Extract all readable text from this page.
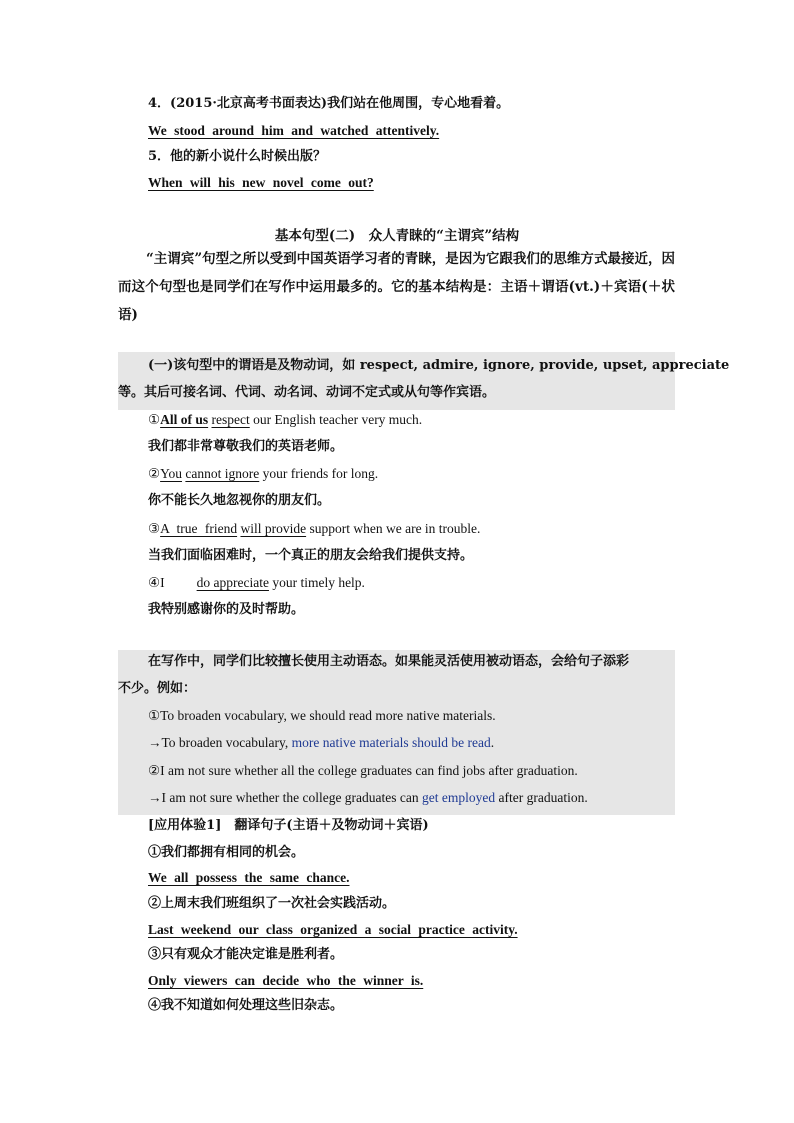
4．(2015·北京高考书面表达)我们站在他周围，专心地看着。
We stood around him and watched attentively.
5．他的新小说什么时候出版？
When will his new novel come out?
基本句型(二)　众人青睐的“主谓宾”结构
“主谓宾”句型之所以受到中国英语学习者的青睐，是因为它跟我们的思维方式最接近，因而这个句型也是同学们在写作中运用最多的。它的基本结构是：主语＋谓语(vt.)＋宾语(＋状语)
(一)该句型中的谓语是及物动词，如 respect, admire, ignore, provide, upset, appreciate
等。其后可接名词、代词、动名词、动词不定式或从句等作宾语。
①All of us respect our English teacher very much.
我们都非常尊敬我们的英语老师。
②You cannot ignore your friends for long.
你不能长久地忽视你的朋友们。
③A true friend will provide support when we are in trouble.
当我们面临困难时，一个真正的朋友会给我们提供支持。
④I do appreciate your timely help.
我特别感谢你的及时帮助。
在写作中，同学们比较擅长使用主动语态。如果能灵活使用被动语态，会给句子添彩
不少。例如：
①To broaden vocabulary, we should read more native materials.
→To broaden vocabulary, more native materials should be read.
②I am not sure whether all the college graduates can find jobs after graduation.
→I am not sure whether the college graduates can get employed after graduation.
[应用体验1]　翻译句子(主语＋及物动词＋宾语)
①我们都拥有相同的机会。
We all possess the same chance.
②上周末我们班组织了一次社会实践活动。
Last weekend our class organized a social practice activity.
③只有观众才能决定谁是胜利者。
Only viewers can decide who the winner is.
④我不知道如何处理这些旧杂志。
